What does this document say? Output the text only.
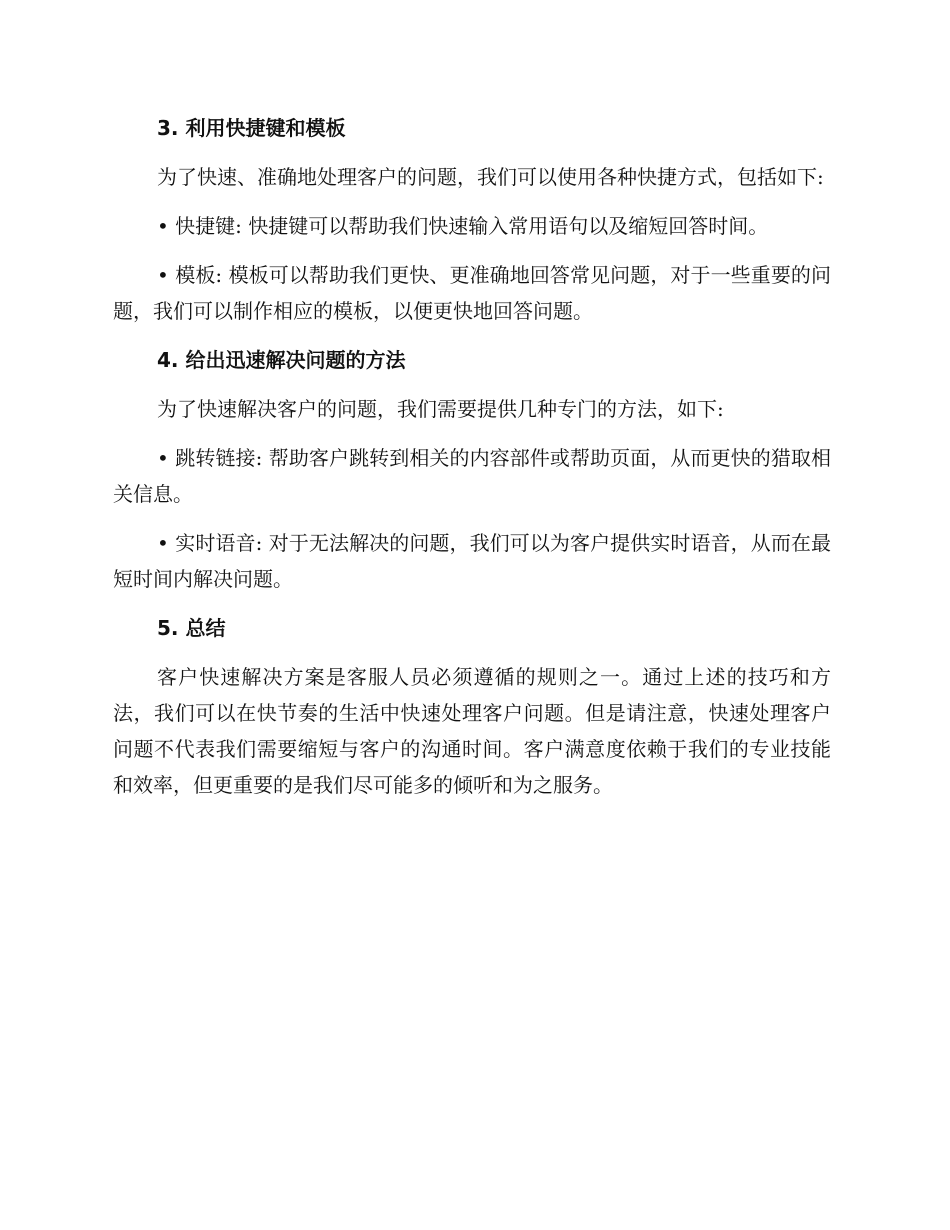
3. 利用快捷键和模板

为了快速、准确地处理客户的问题，我们可以使用各种快捷方式，包括如下:

• 快捷键: 快捷键可以帮助我们快速输入常用语句以及缩短回答时间。

• 模板: 模板可以帮助我们更快、更准确地回答常见问题，对于一些重要的问题，我们可以制作相应的模板，以便更快地回答问题。

4. 给出迅速解决问题的方法

为了快速解决客户的问题，我们需要提供几种专门的方法，如下:

• 跳转链接: 帮助客户跳转到相关的内容部件或帮助页面，从而更快的猎取相关信息。

• 实时语音: 对于无法解决的问题，我们可以为客户提供实时语音，从而在最短时间内解决问题。

5. 总结

客户快速解决方案是客服人员必须遵循的规则之一。通过上述的技巧和方法，我们可以在快节奏的生活中快速处理客户问题。但是请注意，快速处理客户问题不代表我们需要缩短与客户的沟通时间。客户满意度依赖于我们的专业技能和效率，但更重要的是我们尽可能多的倾听和为之服务。
